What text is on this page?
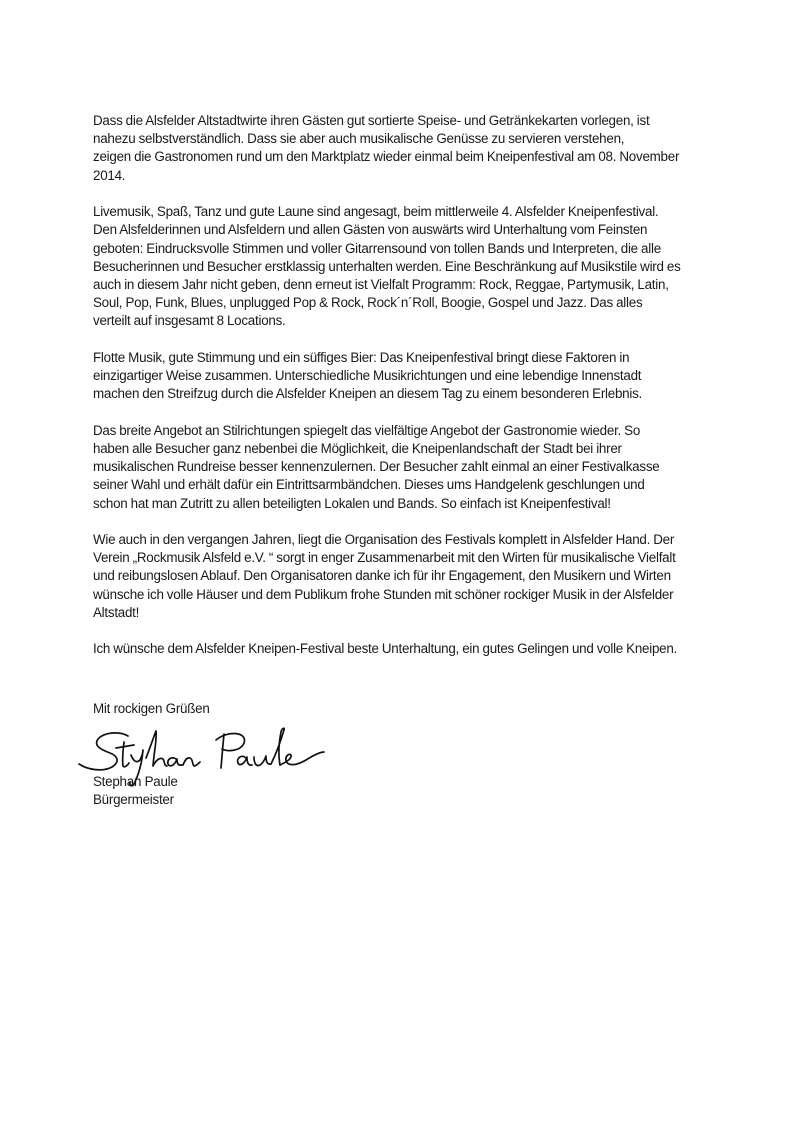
Dass die Alsfelder Altstadtwirte ihren Gästen gut sortierte Speise- und Getränkekarten vorlegen, ist
nahezu selbstverständlich. Dass sie aber auch musikalische Genüsse zu servieren verstehen,
zeigen die Gastronomen rund um den Marktplatz wieder einmal beim Kneipenfestival am 08. November
2014.

Livemusik, Spaß, Tanz und gute Laune sind angesagt, beim mittlerweile 4. Alsfelder Kneipenfestival.
Den Alsfelderinnen und Alsfeldern und allen Gästen von auswärts wird Unterhaltung vom Feinsten
geboten: Eindrucksvolle Stimmen und voller Gitarrensound von tollen Bands und Interpreten, die alle
Besucherinnen und Besucher erstklassig unterhalten werden. Eine Beschränkung auf Musikstile wird es
auch in diesem Jahr nicht geben, denn erneut ist Vielfalt Programm: Rock, Reggae, Partymusik, Latin,
Soul, Pop, Funk, Blues, unplugged Pop & Rock, Rock´n´Roll, Boogie, Gospel und Jazz. Das alles
verteilt auf insgesamt 8 Locations.

Flotte Musik, gute Stimmung und ein süffiges Bier: Das Kneipenfestival bringt diese Faktoren in
einzigartiger Weise zusammen. Unterschiedliche Musikrichtungen und eine lebendige Innenstadt
machen den Streifzug durch die Alsfelder Kneipen an diesem Tag zu einem besonderen Erlebnis.

Das breite Angebot an Stilrichtungen spiegelt das vielfältige Angebot der Gastronomie wieder. So
haben alle Besucher ganz nebenbei die Möglichkeit, die Kneipenlandschaft der Stadt bei ihrer
musikalischen Rundreise besser kennenzulernen. Der Besucher zahlt einmal an einer Festivalkasse
seiner Wahl und erhält dafür ein Eintrittsarmbändchen. Dieses ums Handgelenk geschlungen und
schon hat man Zutritt zu allen beteiligten Lokalen und Bands. So einfach ist Kneipenfestival!

Wie auch in den vergangen Jahren, liegt die Organisation des Festivals komplett in Alsfelder Hand. Der
Verein „Rockmusik Alsfeld e.V. “ sorgt in enger Zusammenarbeit mit den Wirten für musikalische Vielfalt
und reibungslosen Ablauf. Den Organisatoren danke ich für ihr Engagement, den Musikern und Wirten
wünsche ich volle Häuser und dem Publikum frohe Stunden mit schöner rockiger Musik in der Alsfelder
Altstadt!

Ich wünsche dem Alsfelder Kneipen-Festival beste Unterhaltung, ein gutes Gelingen und volle Kneipen.

Mit rockigen Grüßen
Stephan Paule
Bürgermeister
